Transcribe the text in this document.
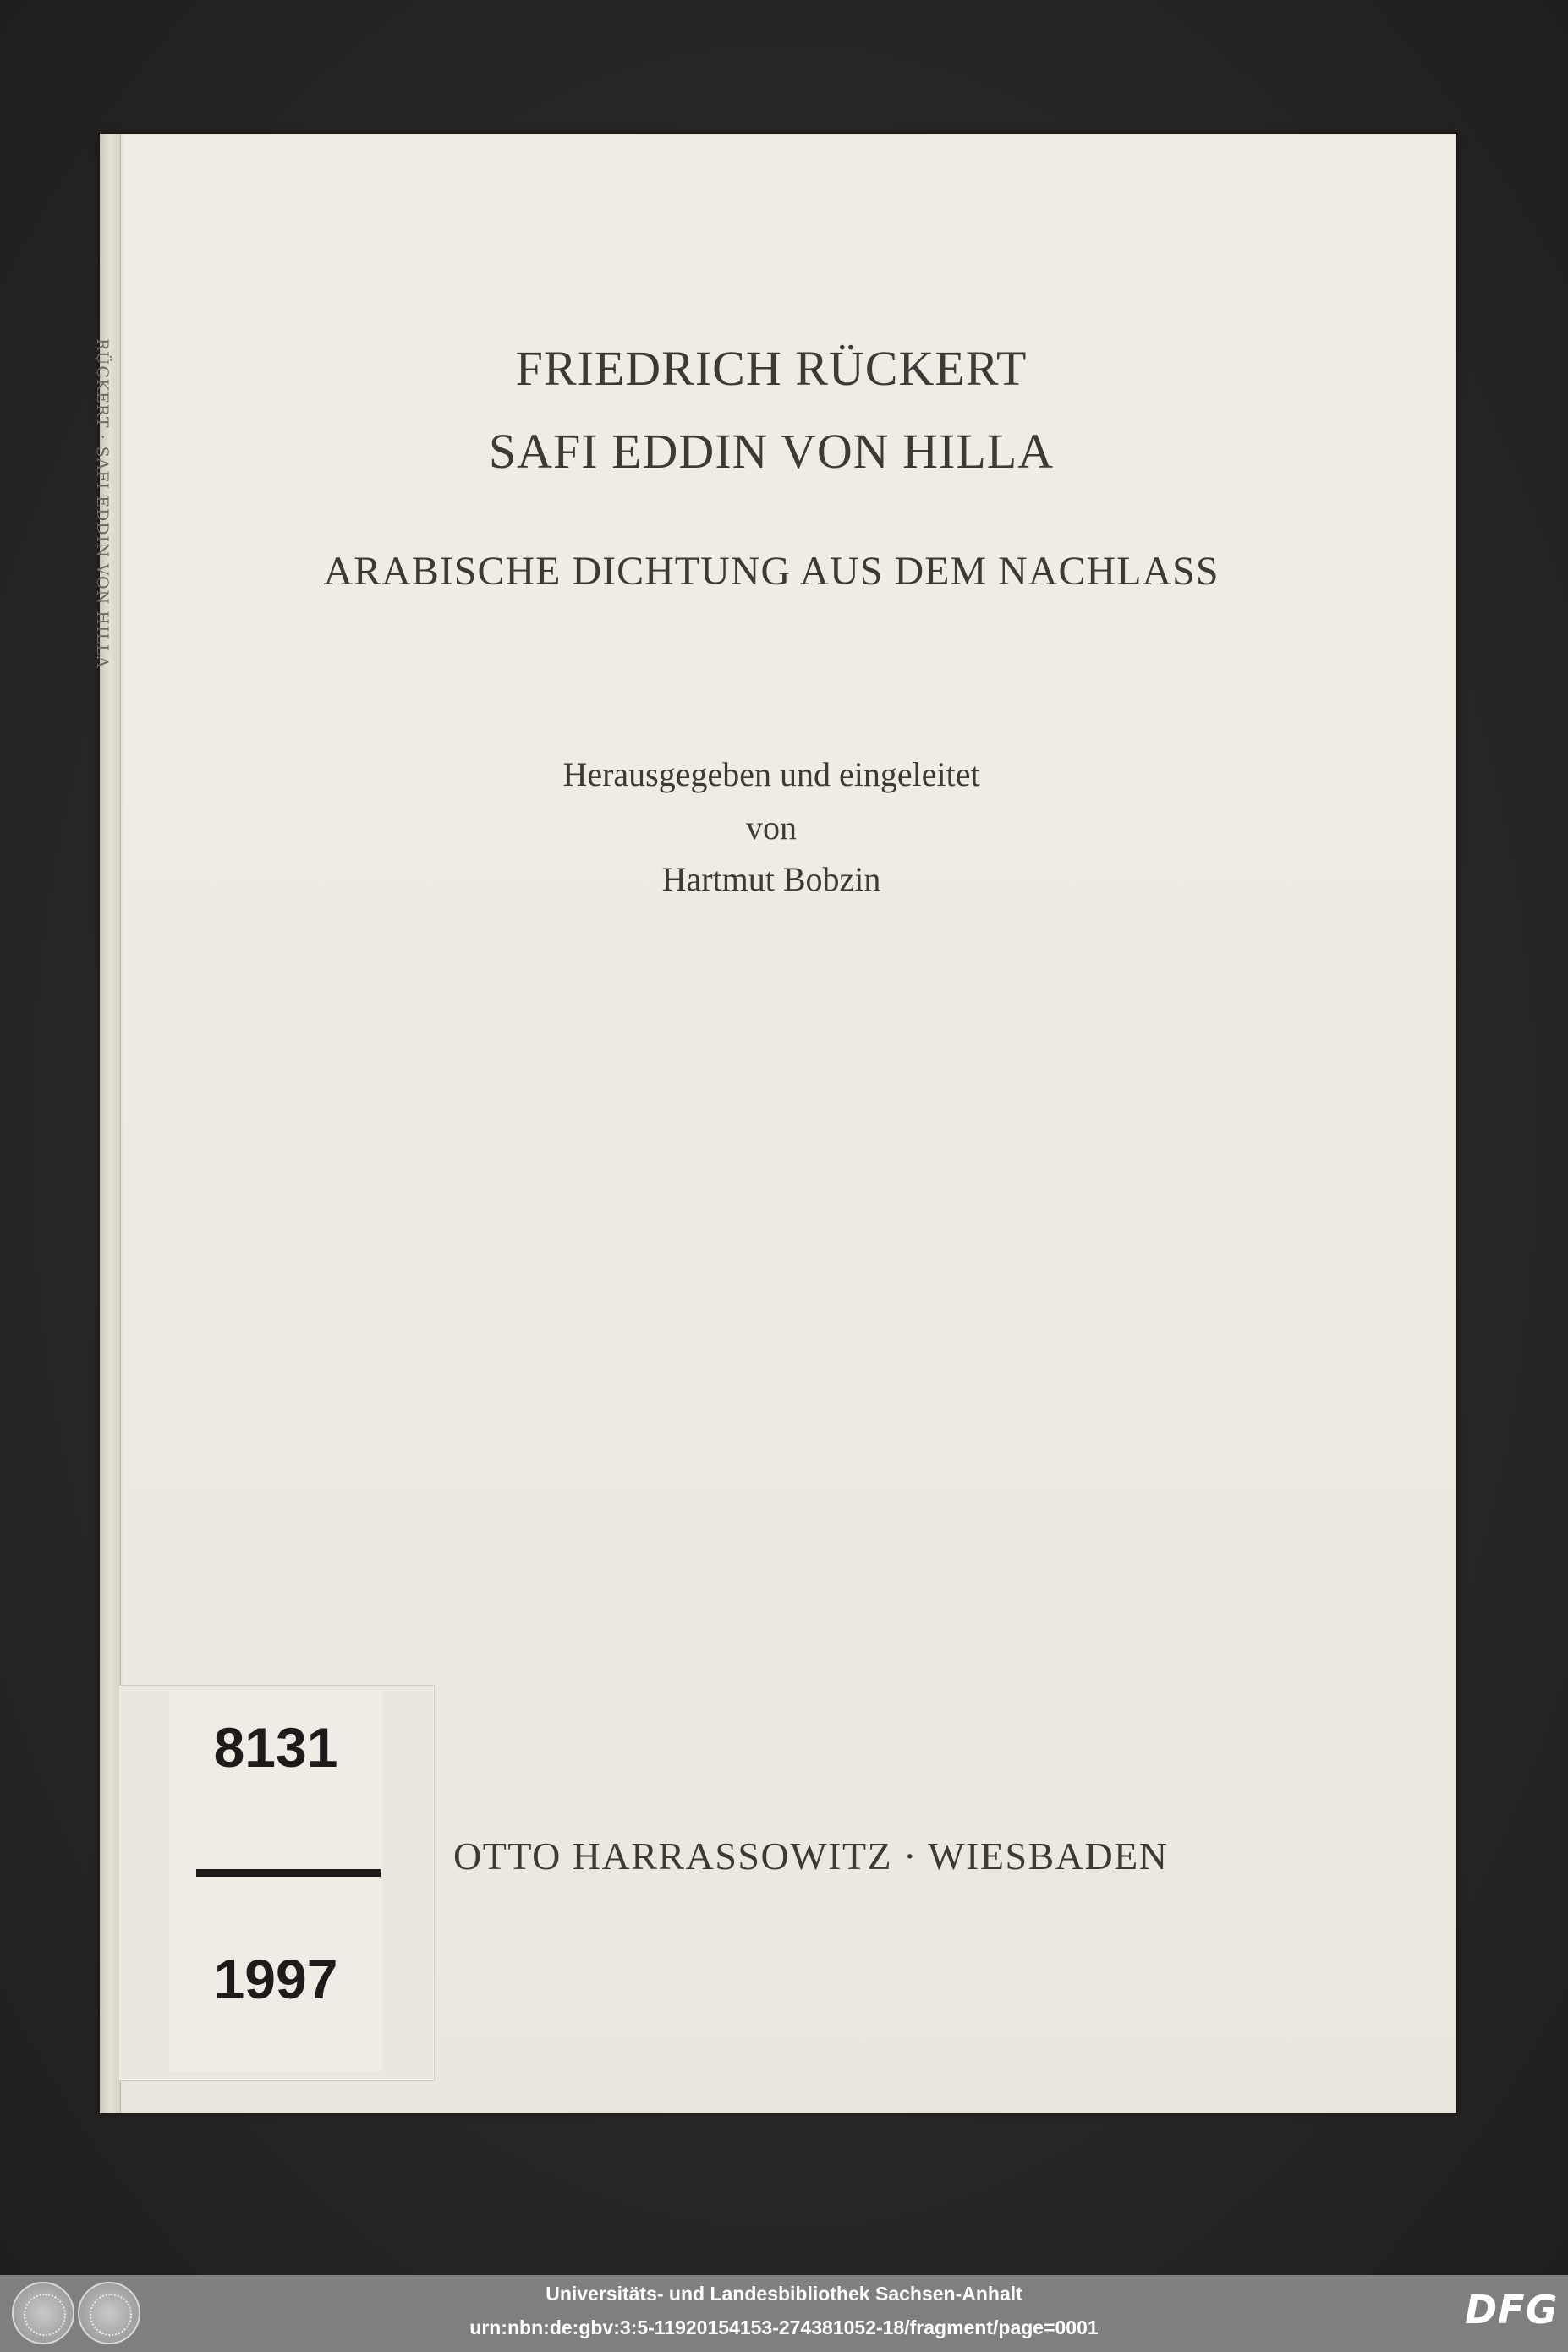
RÜCKERT · SAFI EDDIN VON HILLA	FRIEDRICH RÜCKERT

SAFI EDDIN VON HILLA

ARABISCHE DICHTUNG AUS DEM NACHLASS

Herausgegeben und eingeleitet

von

Hartmut Bobzin

8131

1997

OTTO HARRASSOWITZ · WIESBADEN

Universitäts- und Landesbibliothek Sachsen-Anhalt

urn:nbn:de:gbv:3:5-11920154153-274381052-18/fragment/page=0001	DFG
